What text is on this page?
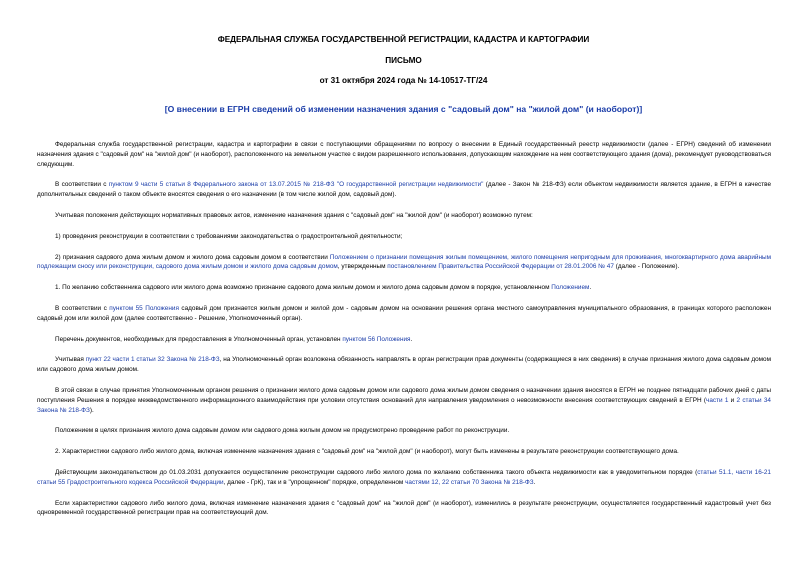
ФЕДЕРАЛЬНАЯ СЛУЖБА ГОСУДАРСТВЕННОЙ РЕГИСТРАЦИИ, КАДАСТРА И КАРТОГРАФИИ
ПИСЬМО
от 31 октября 2024 года № 14-10517-ТГ/24
[О внесении в ЕГРН сведений об изменении назначения здания с "садовый дом" на "жилой дом" (и наоборот)]

Федеральная служба государственной регистрации, кадастра и картографии в связи с поступающими обращениями по вопросу о внесении в Единый государственный реестр недвижимости (далее - ЕГРН) сведений об изменении назначения здания с "садовый дом" на "жилой дом" (и наоборот), расположенного на земельном участке с видом разрешенного использования, допускающим нахождение на нем соответствующего здания (дома), рекомендует руководствоваться следующим.

В соответствии с пунктом 9 части 5 статьи 8 Федерального закона от 13.07.2015 № 218-ФЗ "О государственной регистрации недвижимости" (далее - Закон № 218-ФЗ) если объектом недвижимости является здание, в ЕГРН в качестве дополнительных сведений о таком объекте вносятся сведения о его назначении (в том числе жилой дом, садовый дом).

Учитывая положения действующих нормативных правовых актов, изменение назначения здания с "садовый дом" на "жилой дом" (и наоборот) возможно путем:

1) проведения реконструкции в соответствии с требованиями законодательства о градостроительной деятельности;

2) признания садового дома жилым домом и жилого дома садовым домом в соответствии Положением о признании помещения жилым помещением, жилого помещения непригодным для проживания, многоквартирного дома аварийным подлежащим сносу или реконструкции, садового дома жилым домом и жилого дома садовым домом, утвержденным постановлением Правительства Российской Федерации от 28.01.2006 № 47 (далее - Положение).

1. По желанию собственника садового или жилого дома возможно признание садового дома жилым домом и жилого дома садовым домом в порядке, установленном Положением.

В соответствии с пунктом 55 Положения садовый дом признается жилым домом и жилой дом - садовым домом на основании решения органа местного самоуправления муниципального образования, в границах которого расположен садовый дом или жилой дом (далее соответственно - Решение, Уполномоченный орган).

Перечень документов, необходимых для предоставления в Уполномоченный орган, установлен пунктом 56 Положения.

Учитывая пункт 22 части 1 статьи 32 Закона № 218-ФЗ, на Уполномоченный орган возложена обязанность направлять в орган регистрации прав документы (содержащиеся в них сведения) в случае признания жилого дома садовым домом или садового дома жилым домом.

В этой связи в случае принятия Уполномоченным органом решения о признании жилого дома садовым домом или садового дома жилым домом сведения о назначении здания вносятся в ЕГРН не позднее пятнадцати рабочих дней с даты поступления Решения в порядке межведомственного информационного взаимодействия при условии отсутствия оснований для направления уведомления о невозможности внесения соответствующих сведений в ЕГРН (части 1 и 2 статьи 34 Закона № 218-ФЗ).

Положением в целях признания жилого дома садовым домом или садового дома жилым домом не предусмотрено проведение работ по реконструкции.

2. Характеристики садового либо жилого дома, включая изменение назначения здания с "садовый дом" на "жилой дом" (и наоборот), могут быть изменены в результате реконструкции соответствующего дома.

Действующим законодательством до 01.03.2031 допускается осуществление реконструкции садового либо жилого дома по желанию собственника такого объекта недвижимости как в уведомительном порядке (статьи 51.1, части 16-21 статьи 55 Градостроительного кодекса Российской Федерации, далее - ГрК), так и в "упрощенном" порядке, определенном частями 12, 22 статьи 70 Закона № 218-ФЗ.

Если характеристики садового либо жилого дома, включая изменение назначения здания с "садовый дом" на "жилой дом" (и наоборот), изменились в результате реконструкции, осуществляется государственный кадастровый учет без одновременной государственной регистрации прав на соответствующий дом.
